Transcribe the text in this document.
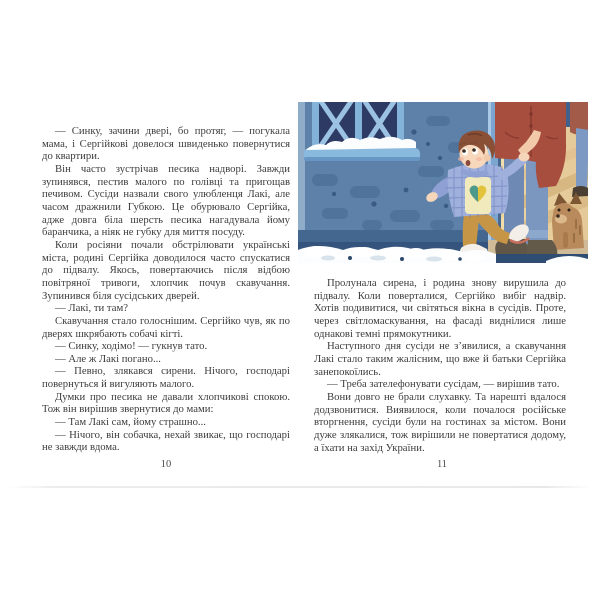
— Синку, зачини двері, бо протяг, — погукала мама, і Сергійкові довелося швиденько повернутися до квартири.

Він часто зустрічав песика надворі. Завжди зупинявся, пестив малого по голівці та пригощав печивом. Сусіди назвали свого улюбленця Лакі, але часом дражнили Губкою. Це обурювало Сергійка, адже довга біла шерсть песика нагадувала йому баранчика, а ніяк не губку для миття посуду.

Коли росіяни почали обстрілювати українські міста, родині Сергійка доводилося часто спускатися до підвалу. Якось, повертаючись після відбою повітряної тривоги, хлопчик почув скавучання. Зупинився біля сусідських дверей.

— Лакі, ти там?

Скавучання стало голоснішим. Сергійко чув, як по дверях шкрябають собачі кігті.

— Синку, ходімо! — гукнув тато.

— Але ж Лакі погано...

— Певно, злякався сирени. Нічого, господарі повернуться й вигуляють малого.

Думки про песика не давали хлопчикові спокою. Тож він вирішив звернутися до мами:

— Там Лакі сам, йому страшно...

— Нічого, він собачка, нехай звикає, що господарі не завжди вдома.

10

Пролунала сирена, і родина знову вирушила до підвалу. Коли поверталися, Сергійко вибіг надвір. Хотів подивитися, чи світяться вікна в сусідів. Проте, через світломаскування, на фасаді виднілися лише однакові темні прямокутники.

Наступного дня сусіди не з’явилися, а скавучання Лакі стало таким жалісним, що вже й батьки Сергійка занепокоїлись.

— Треба зателефонувати сусідам, — вирішив тато.

Вони довго не брали слухавку. Та нарешті вдалося додзвонитися. Виявилося, коли почалося російське вторгнення, сусіди були на гостинах за містом. Вони дуже злякалися, тож вирішили не повертатися додому, а їхати на захід України.

11
